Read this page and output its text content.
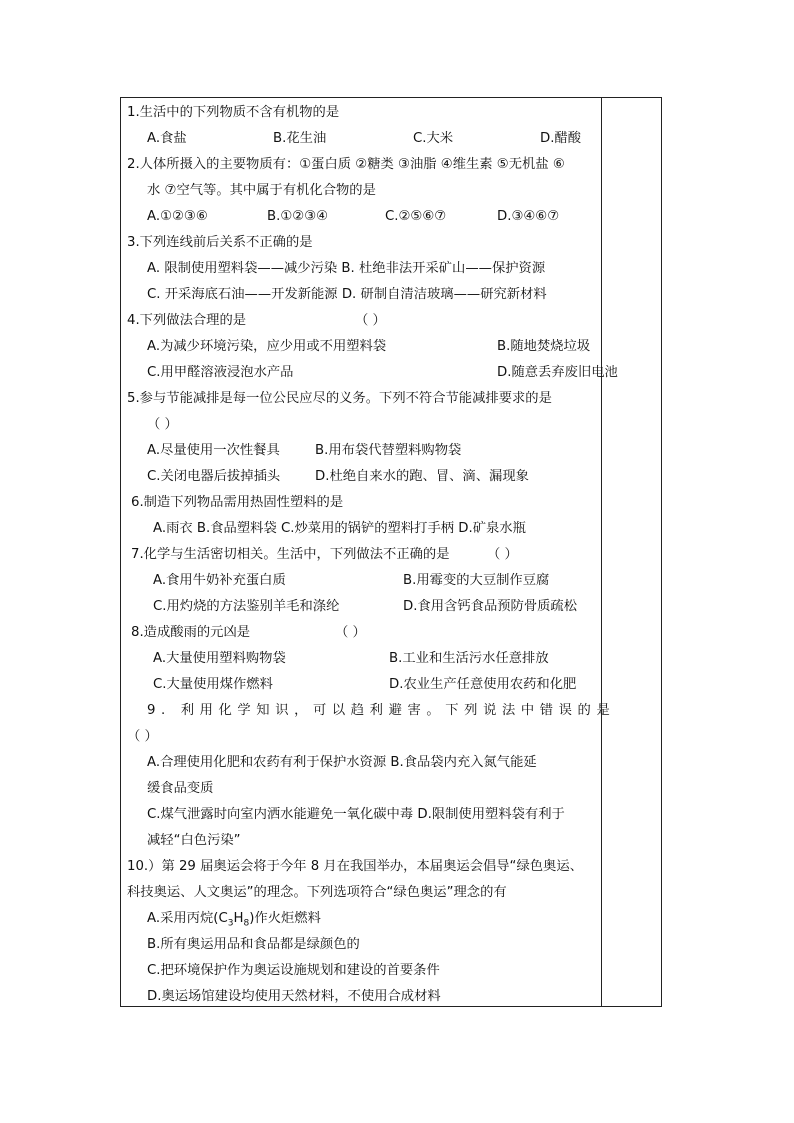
1.生活中的下列物质不含有机物的是
A.食盐	B.花生油	C.大米	D.醋酸
2.人体所摄入的主要物质有：①蛋白质 ②糖类 ③油脂 ④维生素 ⑤无机盐 ⑥
水 ⑦空气等。其中属于有机化合物的是
A.①②③⑥	B.①②③④	C.②⑤⑥⑦	D.③④⑥⑦
3.下列连线前后关系不正确的是
A. 限制使用塑料袋——减少污染 B. 杜绝非法开采矿山——保护资源
C. 开采海底石油——开发新能源 D. 研制自清洁玻璃——研究新材料
4.下列做法合理的是	（ ）
A.为减少环境污染，应少用或不用塑料袋	B.随地焚烧垃圾
C.用甲醛溶液浸泡水产品	D.随意丢弃废旧电池
5.参与节能减排是每一位公民应尽的义务。下列不符合节能减排要求的是
（ ）
A.尽量使用一次性餐具	B.用布袋代替塑料购物袋
C.关闭电器后拔掉插头	D.杜绝自来水的跑、冒、滴、漏现象
6.制造下列物品需用热固性塑料的是
A.雨衣 B.食品塑料袋 C.炒菜用的锅铲的塑料打手柄 D.矿泉水瓶
7.化学与生活密切相关。生活中，下列做法不正确的是	（ ）
A.食用牛奶补充蛋白质	B.用霉变的大豆制作豆腐
C.用灼烧的方法鉴别羊毛和涤纶	D.食用含钙食品预防骨质疏松
8.造成酸雨的元凶是	（ ）
A.大量使用塑料购物袋	B.工业和生活污水任意排放
C.大量使用煤作燃料	D.农业生产任意使用农药和化肥
9. 利用化学知识，可以趋利避害。下列说法中错误的是
（ ）
A.合理使用化肥和农药有利于保护水资源 B.食品袋内充入氮气能延
缓食品变质
C.煤气泄露时向室内洒水能避免一氧化碳中毒 D.限制使用塑料袋有利于
减轻“白色污染”
10.）第 29 届奥运会将于今年 8 月在我国举办，本届奥运会倡导“绿色奥运、
科技奥运、人文奥运”的理念。下列选项符合“绿色奥运”理念的有
A.采用丙烷$(C_3H_8)$作火炬燃料
B.所有奥运用品和食品都是绿颜色的
C.把环境保护作为奥运设施规划和建设的首要条件
D.奥运场馆建设均使用天然材料，不使用合成材料
